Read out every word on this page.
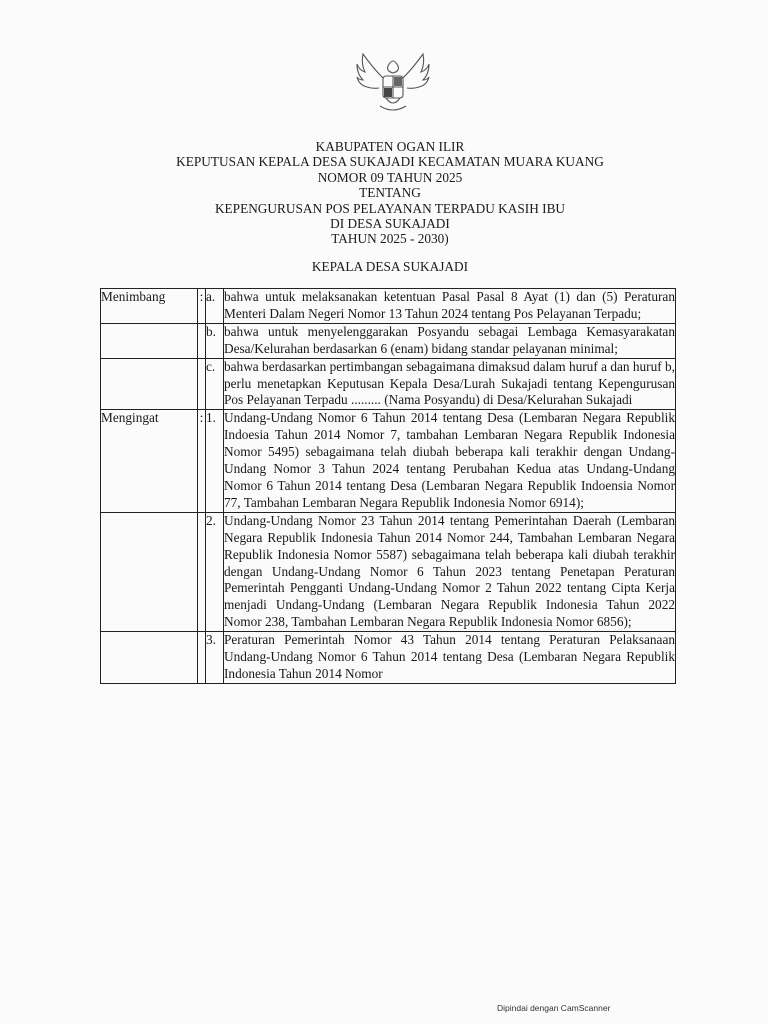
KABUPATEN OGAN ILIR
KEPUTUSAN KEPALA DESA SUKAJADI KECAMATAN MUARA KUANG
NOMOR 09 TAHUN 2025
TENTANG
KEPENGURUSAN POS PELAYANAN TERPADU KASIH IBU
DI DESA SUKAJADI
TAHUN 2025 - 2030)
KEPALA DESA SUKAJADI
Menimbang	:	a.	bahwa untuk melaksanakan ketentuan Pasal Pasal 8 Ayat (1) dan (5) Peraturan Menteri Dalam Negeri Nomor 13 Tahun 2024 tentang Pos Pelayanan Terpadu;
		b.	bahwa untuk menyelenggarakan Posyandu sebagai Lembaga Kemasyarakatan Desa/Kelurahan berdasarkan 6 (enam) bidang standar pelayanan minimal;
		c.	bahwa berdasarkan pertimbangan sebagaimana dimaksud dalam huruf a dan huruf b, perlu menetapkan Keputusan Kepala Desa/Lurah Sukajadi tentang Kepengurusan Pos Pelayanan Terpadu ......... (Nama Posyandu) di Desa/Kelurahan Sukajadi
Mengingat	:	1.	Undang-Undang Nomor 6 Tahun 2014 tentang Desa (Lembaran Negara Republik Indoesia Tahun 2014 Nomor 7, tambahan Lembaran Negara Republik Indonesia Nomor 5495) sebagaimana telah diubah beberapa kali terakhir dengan Undang-Undang Nomor 3 Tahun 2024 tentang Perubahan Kedua atas Undang-Undang Nomor 6 Tahun 2014 tentang Desa (Lembaran Negara Republik Indoensia Nomor 77, Tambahan Lembaran Negara Republik Indonesia Nomor 6914);
		2.	Undang-Undang Nomor 23 Tahun 2014 tentang Pemerintahan Daerah (Lembaran Negara Republik Indonesia Tahun 2014 Nomor 244, Tambahan Lembaran Negara Republik Indonesia Nomor 5587) sebagaimana telah beberapa kali diubah terakhir dengan Undang-Undang Nomor 6 Tahun 2023 tentang Penetapan Peraturan Pemerintah Pengganti Undang-Undang Nomor 2 Tahun 2022 tentang Cipta Kerja menjadi Undang-Undang (Lembaran Negara Republik Indonesia Tahun 2022 Nomor 238, Tambahan Lembaran Negara Republik Indonesia Nomor 6856);
		3.	Peraturan Pemerintah Nomor 43 Tahun 2014 tentang Peraturan Pelaksanaan Undang-Undang Nomor 6 Tahun 2014 tentang Desa (Lembaran Negara Republik Indonesia Tahun 2014 Nomor
Dipindai dengan CamScanner
